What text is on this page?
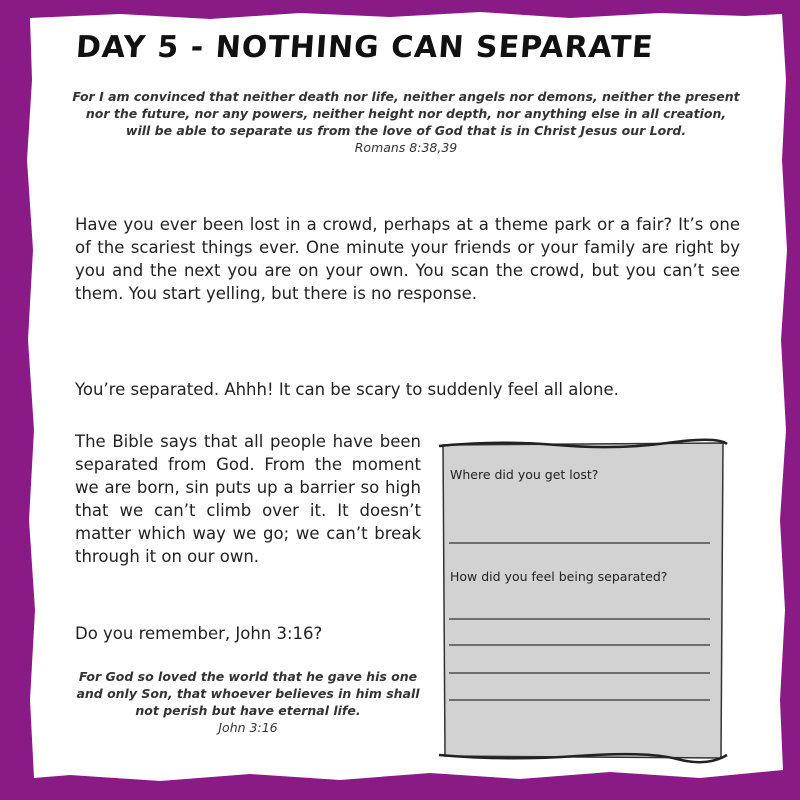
DAY 5 - NOTHING CAN SEPARATE
For I am convinced that neither death nor life, neither angels nor demons, neither the present nor the future, nor any powers, neither height nor depth, nor anything else in all creation, will be able to separate us from the love of God that is in Christ Jesus our Lord.
Romans 8:38,39
Have you ever been lost in a crowd, perhaps at a theme park or a fair? It’s one of the scariest things ever. One minute your friends or your family are right by you and the next you are on your own. You scan the crowd, but you can’t see them. You start yelling, but there is no response.
You’re separated. Ahhh! It can be scary to suddenly feel all alone.
The Bible says that all people have been separated from God. From the moment we are born, sin puts up a barrier so high that we can’t climb over it. It doesn’t matter which way we go; we can’t break through it on our own.
Do you remember, John 3:16?
For God so loved the world that he gave his one and only Son, that whoever believes in him shall not perish but have eternal life.
John 3:16
Where did you get lost?
How did you feel being separated?
